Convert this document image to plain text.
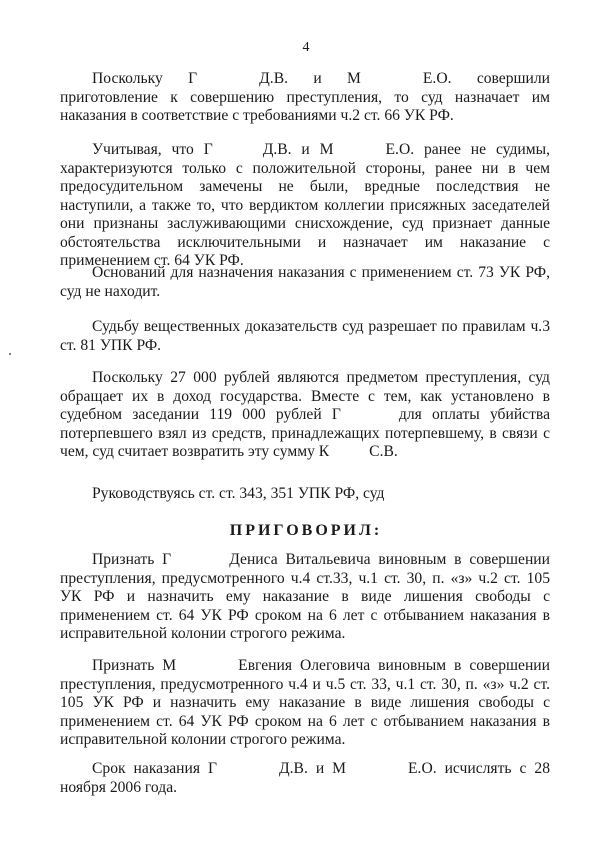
4

Поскольку Г	Д.В. и М	Е.О. совершили приготовление к совершению преступления, то суд назначает им наказания в соответствие с требованиями ч.2 ст. 66 УК РФ.

Учитывая, что Г	Д.В. и М	Е.О. ранее не судимы, характеризуются только с положительной стороны, ранее ни в чем предосудительном замечены не были, вредные последствия не наступили, а также то, что вердиктом коллегии присяжных заседателей они признаны заслуживающими снисхождение, суд признает данные обстоятельства исключительными и назначает им наказание с применением ст. 64 УК РФ.

Оснований для назначения наказания с применением ст. 73 УК РФ, суд не находит.

Судьбу вещественных доказательств суд разрешает по правилам ч.3 ст. 81 УПК РФ.

Поскольку 27 000 рублей являются предметом преступления, суд обращает их в доход государства. Вместе с тем, как установлено в судебном заседании 119 000 рублей Г	для оплаты убийства потерпевшего взял из средств, принадлежащих потерпевшему, в связи с чем, суд считает возвратить эту сумму К	С.В.

Руководствуясь ст. ст. 343, 351 УПК РФ, суд

ПРИГОВОРИЛ:

Признать Г	Дениса Витальевича виновным в совершении преступления, предусмотренного ч.4 ст.33, ч.1 ст. 30, п. «з» ч.2 ст. 105 УК РФ и назначить ему наказание в виде лишения свободы с применением ст. 64 УК РФ сроком на 6 лет с отбыванием наказания в исправительной колонии строгого режима.

Признать М	Евгения Олеговича виновным в совершении преступления, предусмотренного ч.4 и ч.5 ст. 33, ч.1 ст. 30, п. «з» ч.2 ст. 105 УК РФ и назначить ему наказание в виде лишения свободы с применением ст. 64 УК РФ сроком на 6 лет с отбыванием наказания в исправительной колонии строгого режима.

Срок наказания Г	Д.В. и М	Е.О. исчислять с 28 ноября 2006 года.
